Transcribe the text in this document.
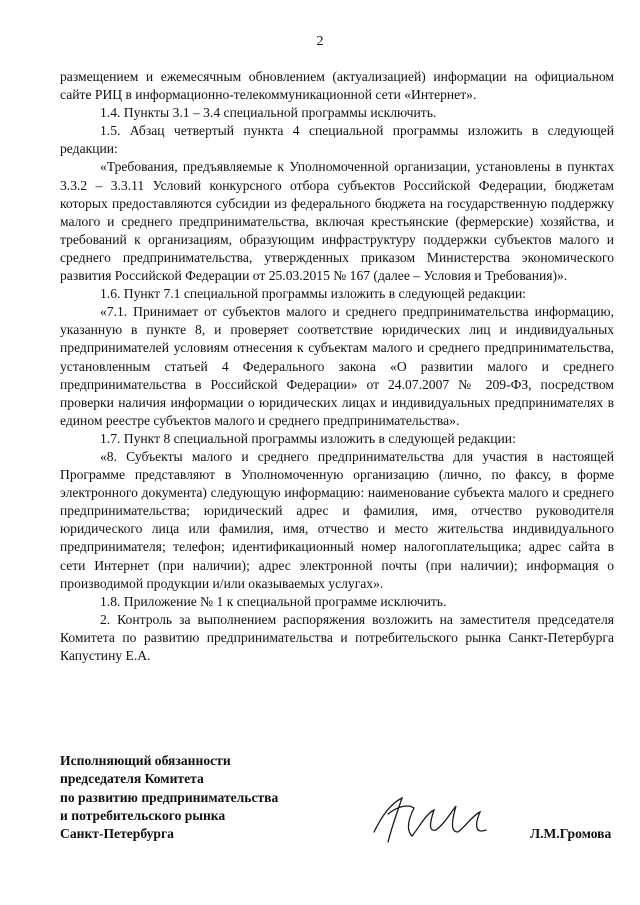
2

размещением и ежемесячным обновлением (актуализацией) информации на официальном сайте РИЦ в информационно-телекоммуникационной сети «Интернет».

1.4. Пункты 3.1 – 3.4 специальной программы исключить.

1.5. Абзац четвертый пункта 4 специальной программы изложить в следующей редакции:

«Требования, предъявляемые к Уполномоченной организации, установлены в пунктах 3.3.2 – 3.3.11 Условий конкурсного отбора субъектов Российской Федерации, бюджетам которых предоставляются субсидии из федерального бюджета на государственную поддержку малого и среднего предпринимательства, включая крестьянские (фермерские) хозяйства, и требований к организациям, образующим инфраструктуру поддержки субъектов малого и среднего предпринимательства, утвержденных приказом Министерства экономического развития Российской Федерации от 25.03.2015 № 167 (далее – Условия и Требования)».

1.6. Пункт 7.1 специальной программы изложить в следующей редакции:

«7.1. Принимает от субъектов малого и среднего предпринимательства информацию, указанную в пункте 8, и проверяет соответствие юридических лиц и индивидуальных предпринимателей условиям отнесения к субъектам малого и среднего предпринимательства, установленным статьей 4 Федерального закона «О развитии малого и среднего предпринимательства в Российской Федерации» от 24.07.2007 № 209-ФЗ, посредством проверки наличия информации о юридических лицах и индивидуальных предпринимателях в едином реестре субъектов малого и среднего предпринимательства».

1.7. Пункт 8 специальной программы изложить в следующей редакции:

«8. Субъекты малого и среднего предпринимательства для участия в настоящей Программе представляют в Уполномоченную организацию (лично, по факсу, в форме электронного документа) следующую информацию: наименование субъекта малого и среднего предпринимательства; юридический адрес и фамилия, имя, отчество руководителя юридического лица или фамилия, имя, отчество и место жительства индивидуального предпринимателя; телефон; идентификационный номер налогоплательщика; адрес сайта в сети Интернет (при наличии); адрес электронной почты (при наличии); информация о производимой продукции и/или оказываемых услугах».

1.8. Приложение № 1 к специальной программе исключить.

2. Контроль за выполнением распоряжения возложить на заместителя председателя Комитета по развитию предпринимательства и потребительского рынка Санкт-Петербурга Капустину Е.А.

Исполняющий обязанности
председателя Комитета
по развитию предпринимательства
и потребительского рынка
Санкт-Петербурга	Л.М.Громова
